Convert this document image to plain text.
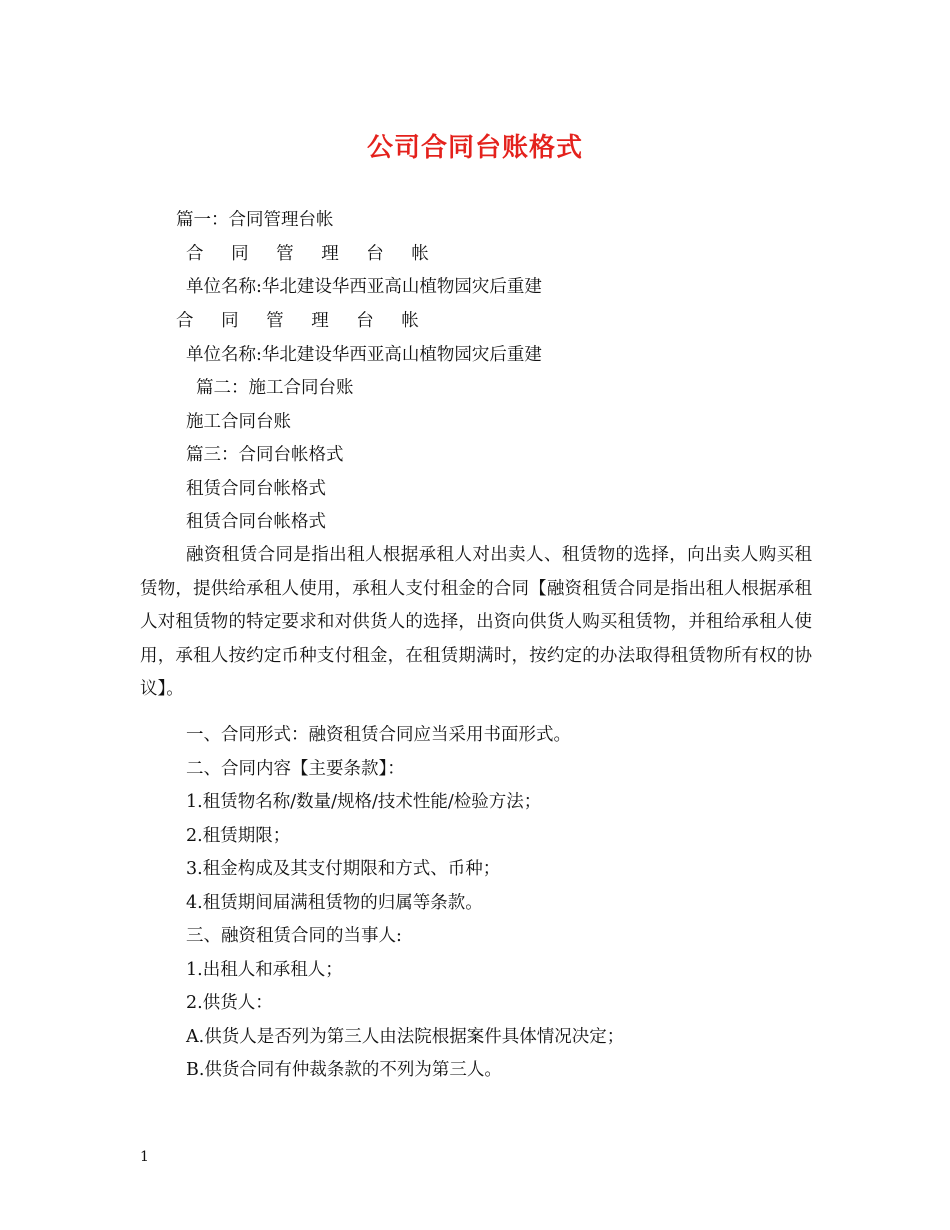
公司合同台账格式
篇一：合同管理台帐
合 同 管 理 台 帐
单位名称:华北建设华西亚高山植物园灾后重建
合 同 管 理 台 帐
单位名称:华北建设华西亚高山植物园灾后重建
篇二：施工合同台账
施工合同台账
篇三：合同台帐格式
租赁合同台帐格式
租赁合同台帐格式
融资租赁合同是指出租人根据承租人对出卖人、租赁物的选择，向出卖人购买租赁物，提供给承租人使用，承租人支付租金的合同【融资租赁合同是指出租人根据承租人对租赁物的特定要求和对供货人的选择，出资向供货人购买租赁物，并租给承租人使用，承租人按约定币种支付租金，在租赁期满时，按约定的办法取得租赁物所有权的协议】。
一、合同形式：融资租赁合同应当采用书面形式。
二、合同内容【主要条款】：
1.租赁物名称/数量/规格/技术性能/检验方法；
2.租赁期限；
3.租金构成及其支付期限和方式、币种；
4.租赁期间届满租赁物的归属等条款。
三、融资租赁合同的当事人:
1.出租人和承租人；
2.供货人：
A.供货人是否列为第三人由法院根据案件具体情况决定；
B.供货合同有仲裁条款的不列为第三人。
1
